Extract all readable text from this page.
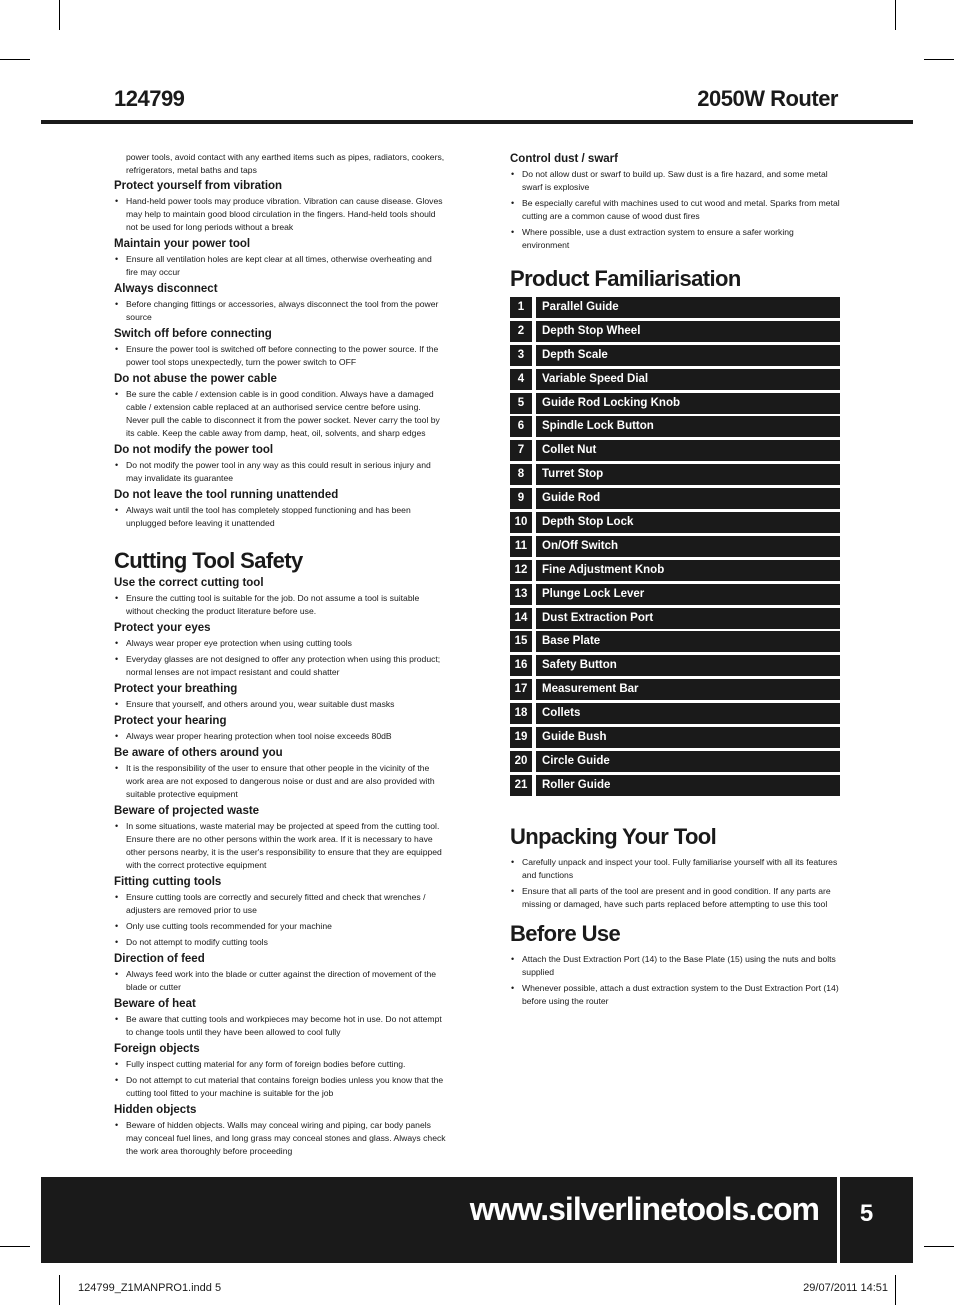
124799	2050W Router
power tools, avoid contact with any earthed items such as pipes, radiators, cookers, refrigerators, metal baths and taps
Protect yourself from vibration
• Hand-held power tools may produce vibration. Vibration can cause disease. Gloves may help to maintain good blood circulation in the fingers. Hand-held tools should not be used for long periods without a break
Maintain your power tool
• Ensure all ventilation holes are kept clear at all times, otherwise overheating and fire may occur
Always disconnect
• Before changing fittings or accessories, always disconnect the tool from the power source
Switch off before connecting
• Ensure the power tool is switched off before connecting to the power source. If the power tool stops unexpectedly, turn the power switch to OFF
Do not abuse the power cable
• Be sure the cable / extension cable is in good condition. Always have a damaged cable / extension cable replaced at an authorised service centre before using. Never pull the cable to disconnect it from the power socket. Never carry the tool by its cable. Keep the cable away from damp, heat, oil, solvents, and sharp edges
Do not modify the power tool
• Do not modify the power tool in any way as this could result in serious injury and may invalidate its guarantee
Do not leave the tool running unattended
• Always wait until the tool has completely stopped functioning and has been unplugged before leaving it unattended
Cutting Tool Safety
Use the correct cutting tool
• Ensure the cutting tool is suitable for the job. Do not assume a tool is suitable without checking the product literature before use.
Protect your eyes
• Always wear proper eye protection when using cutting tools
• Everyday glasses are not designed to offer any protection when using this product; normal lenses are not impact resistant and could shatter
Protect your breathing
• Ensure that yourself, and others around you, wear suitable dust masks
Protect your hearing
• Always wear proper hearing protection when tool noise exceeds 80dB
Be aware of others around you
• It is the responsibility of the user to ensure that other people in the vicinity of the work area are not exposed to dangerous noise or dust and are also provided with suitable protective equipment
Beware of projected waste
• In some situations, waste material may be projected at speed from the cutting tool. Ensure there are no other persons within the work area. If it is necessary to have other persons nearby, it is the user's responsibility to ensure that they are equipped with the correct protective equipment
Fitting cutting tools
• Ensure cutting tools are correctly and securely fitted and check that wrenches / adjusters are removed prior to use
• Only use cutting tools recommended for your machine
• Do not attempt to modify cutting tools
Direction of feed
• Always feed work into the blade or cutter against the direction of movement of the blade or cutter
Beware of heat
• Be aware that cutting tools and workpieces may become hot in use. Do not attempt to change tools until they have been allowed to cool fully
Foreign objects
• Fully inspect cutting material for any form of foreign bodies before cutting.
• Do not attempt to cut material that contains foreign bodies unless you know that the cutting tool fitted to your machine is suitable for the job
Hidden objects
• Beware of hidden objects. Walls may conceal wiring and piping, car body panels may conceal fuel lines, and long grass may conceal stones and glass. Always check the work area thoroughly before proceeding
Control dust / swarf
• Do not allow dust or swarf to build up. Saw dust is a fire hazard, and some metal swarf is explosive
• Be especially careful with machines used to cut wood and metal. Sparks from metal cutting are a common cause of wood dust fires
• Where possible, use a dust extraction system to ensure a safer working environment
Product Familiarisation
1	Parallel Guide
2	Depth Stop Wheel
3	Depth Scale
4	Variable Speed Dial
5	Guide Rod Locking Knob
6	Spindle Lock Button
7	Collet Nut
8	Turret Stop
9	Guide Rod
10	Depth Stop Lock
11	On/Off Switch
12	Fine Adjustment Knob
13	Plunge Lock Lever
14	Dust Extraction Port
15	Base Plate
16	Safety Button
17	Measurement Bar
18	Collets
19	Guide Bush
20	Circle Guide
21	Roller Guide
Unpacking Your Tool
• Carefully unpack and inspect your tool. Fully familiarise yourself with all its features and functions
• Ensure that all parts of the tool are present and in good condition. If any parts are missing or damaged, have such parts replaced before attempting to use this tool
Before Use
• Attach the Dust Extraction Port (14) to the Base Plate (15) using the nuts and bolts supplied
• Whenever possible, attach a dust extraction system to the Dust Extraction Port (14) before using the router
www.silverlinetools.com	5
124799_Z1MANPRO1.indd 5	29/07/2011 14:51
